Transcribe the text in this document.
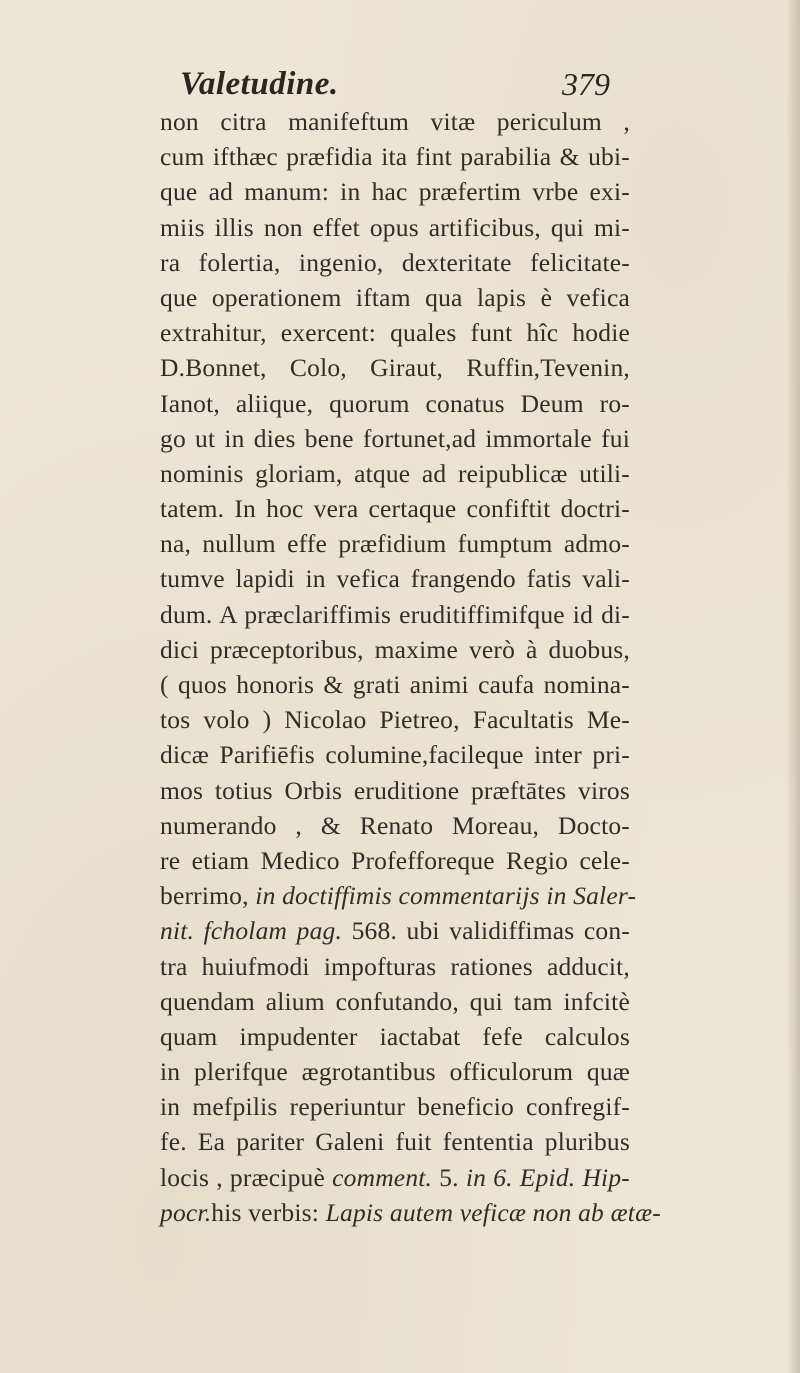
Valetudine.	379
non citra manifeftum vitæ periculum ,
cum ifthæc præfidia ita fint parabilia & ubi-
que ad manum: in hac præfertim vrbe exi-
miis illis non effet opus artificibus, qui mi-
ra folertia, ingenio, dexteritate felicitate-
que operationem iftam qua lapis è vefica
extrahitur, exercent: quales funt hîc hodie
D.Bonnet, Colo, Giraut, Ruffin,Tevenin,
Ianot, aliique, quorum conatus Deum ro-
go ut in dies bene fortunet,ad immortale fui
nominis gloriam, atque ad reipublicæ utili-
tatem. In hoc vera certaque confiftit doctri-
na, nullum effe præfidium fumptum admo-
tumve lapidi in vefica frangendo fatis vali-
dum. A præclariffimis eruditiffimifque id di-
dici præceptoribus, maxime verò à duobus,
( quos honoris & grati animi caufa nomina-
tos volo ) Nicolao Pietreo, Facultatis Me-
dicæ Parifiēfis columine,facileque inter pri-
mos totius Orbis eruditione præftātes viros
numerando , & Renato Moreau, Docto-
re etiam Medico Profefforeque Regio cele-
berrimo, in doctiffimis commentarijs in Saler-
nit. fcholam pag. 568. ubi validiffimas con-
tra huiufmodi impofturas rationes adducit,
quendam alium confutando, qui tam infcitè
quam impudenter iactabat fefe calculos
in plerifque ægrotantibus officulorum quæ
in mefpilis reperiuntur beneficio confregif-
fe. Ea pariter Galeni fuit fententia pluribus
locis , præcipuè comment. 5. in 6. Epid. Hip-
pocr.his verbis: Lapis autem veficæ non ab ætæ-
